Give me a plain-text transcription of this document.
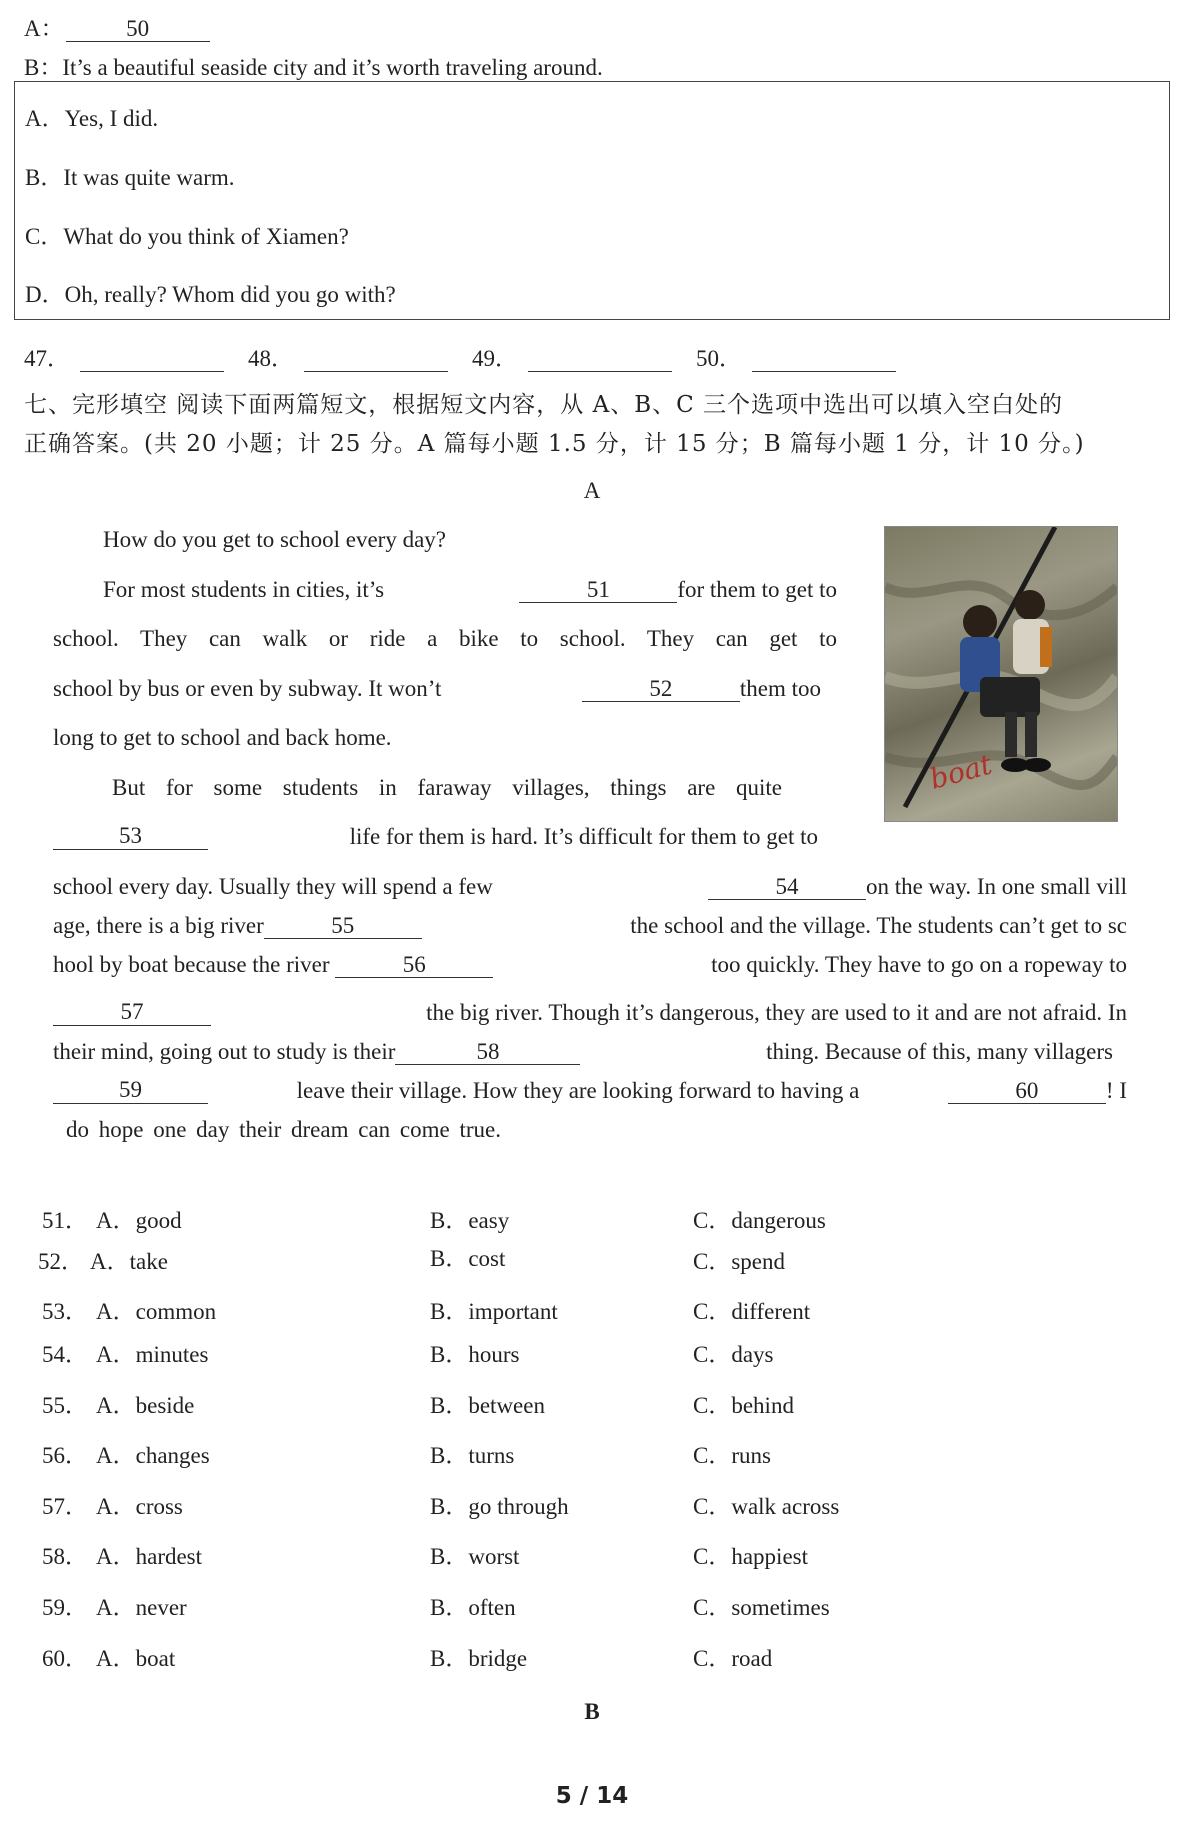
A：	50
B：It’s a beautiful seaside city and it’s worth traveling around.
A．Yes, I did.
B．It was quite warm.
C．What do you think of Xiamen?
D．Oh, really? Whom did you go with?
47．	48．	49．	50．
七、完形填空 阅读下面两篇短文，根据短文内容，从 A、B、C 三个选项中选出可以填入空白处的
正确答案。(共 20 小题；计 25 分。A 篇每小题 1.5 分，计 15 分；B 篇每小题 1 分，计 10 分。)
A
boat
How do you get to school every day?
For most students in cities, it’s	51	for them to get to
school. They can walk or ride a bike to school. They can get to
school by bus or even by subway. It won’t	52	them too
long to get to school and back home.
But for some students in faraway villages, things are quite
53	life for them is hard. It’s difficult for them to get to
school every day. Usually they will spend a few	54	on the way. In one small vill
age, there is a big river	55	the school and the village. The students can’t get to sc
hool by boat because the river	56	too quickly. They have to go on a ropeway to
57	the big river. Though it’s dangerous, they are used to it and are not afraid. In
their mind, going out to study is their	58	thing. Because of this, many villagers
59	leave their village. How they are looking forward to having a	60	! I
do hope one day their dream can come true.
51． A．good	B．easy	C．dangerous
52． A．take	B．cost	C．spend
53． A．common	B．important	C．different
54． A．minutes	B．hours	C．days
55． A．beside	B．between	C．behind
56． A．changes	B．turns	C．runs
57． A．cross	B．go through	C．walk across
58． A．hardest	B．worst	C．happiest
59． A．never	B．often	C．sometimes
60． A．boat	B．bridge	C．road
B
5 / 14
